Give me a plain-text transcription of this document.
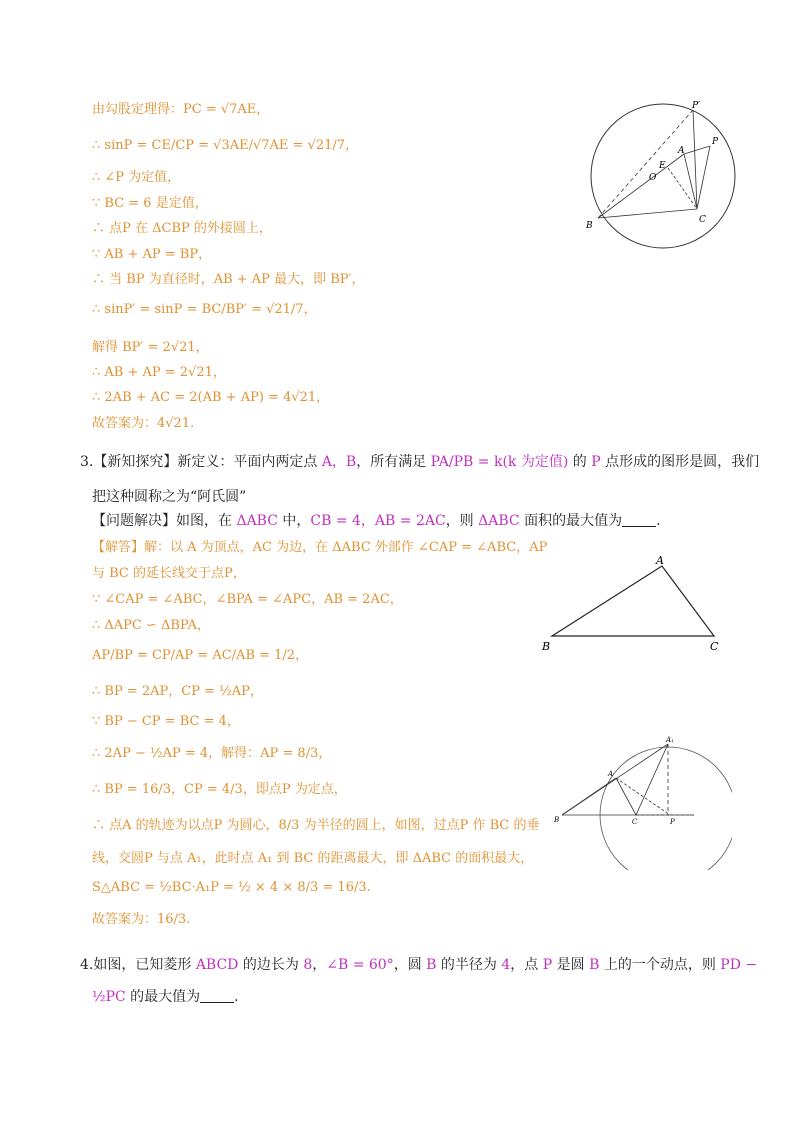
由勾股定理得：PC = √7AE，
∴ sinP = CE/CP = √3AE/√7AE = √21/7，
∴ ∠P 为定值，
∵ BC = 6 是定值，
∴ 点P 在 ΔCBP 的外接圆上，
∵ AB + AP = BP，
∴ 当 BP 为直径时，AB + AP 最大，即 BP′，
∴ sinP′ = sinP = BC/BP′ = √21/7，
解得 BP′ = 2√21，
∴ AB + AP = 2√21，
∴ 2AB + AC = 2(AB + AP) = 4√21，
故答案为：4√21.
P′
P
A
E
O
B
C
3.【新知探究】新定义：平面内两定点 A，B，所有满足 PA/PB = k(k 为定值) 的 P 点形成的图形是圆，我们
把这种圆称之为“阿氏圆”
【问题解决】如图，在 ΔABC 中，CB = 4，AB = 2AC，则 ΔABC 面积的最大值为 .
【解答】解：以 A 为顶点，AC 为边，在 ΔABC 外部作 ∠CAP = ∠ABC，AP
与 BC 的延长线交于点P，
∵ ∠CAP = ∠ABC，∠BPA = ∠APC，AB = 2AC，
∴ ΔAPC ∽ ΔBPA，
AP/BP = CP/AP = AC/AB = 1/2，
∴ BP = 2AP，CP = ½AP，
∵ BP − CP = BC = 4，
∴ 2AP − ½AP = 4，解得：AP = 8/3，
∴ BP = 16/3，CP = 4/3，即点P 为定点，
∴ 点A 的轨迹为以点P 为圆心，8/3 为半径的圆上，如图，过点P 作 BC 的垂
线，交圆P 与点 A₁，此时点 A₁ 到 BC 的距离最大，即 ΔABC 的面积最大，
S△ABC = ½BC·A₁P = ½ × 4 × 8/3 = 16/3.
故答案为：16/3.
A
B	C
A₁
A
B	C	P
4.如图，已知菱形 ABCD 的边长为 8，∠B = 60°，圆 B 的半径为 4，点 P 是圆 B 上的一个动点，则 PD −
½PC 的最大值为 .
